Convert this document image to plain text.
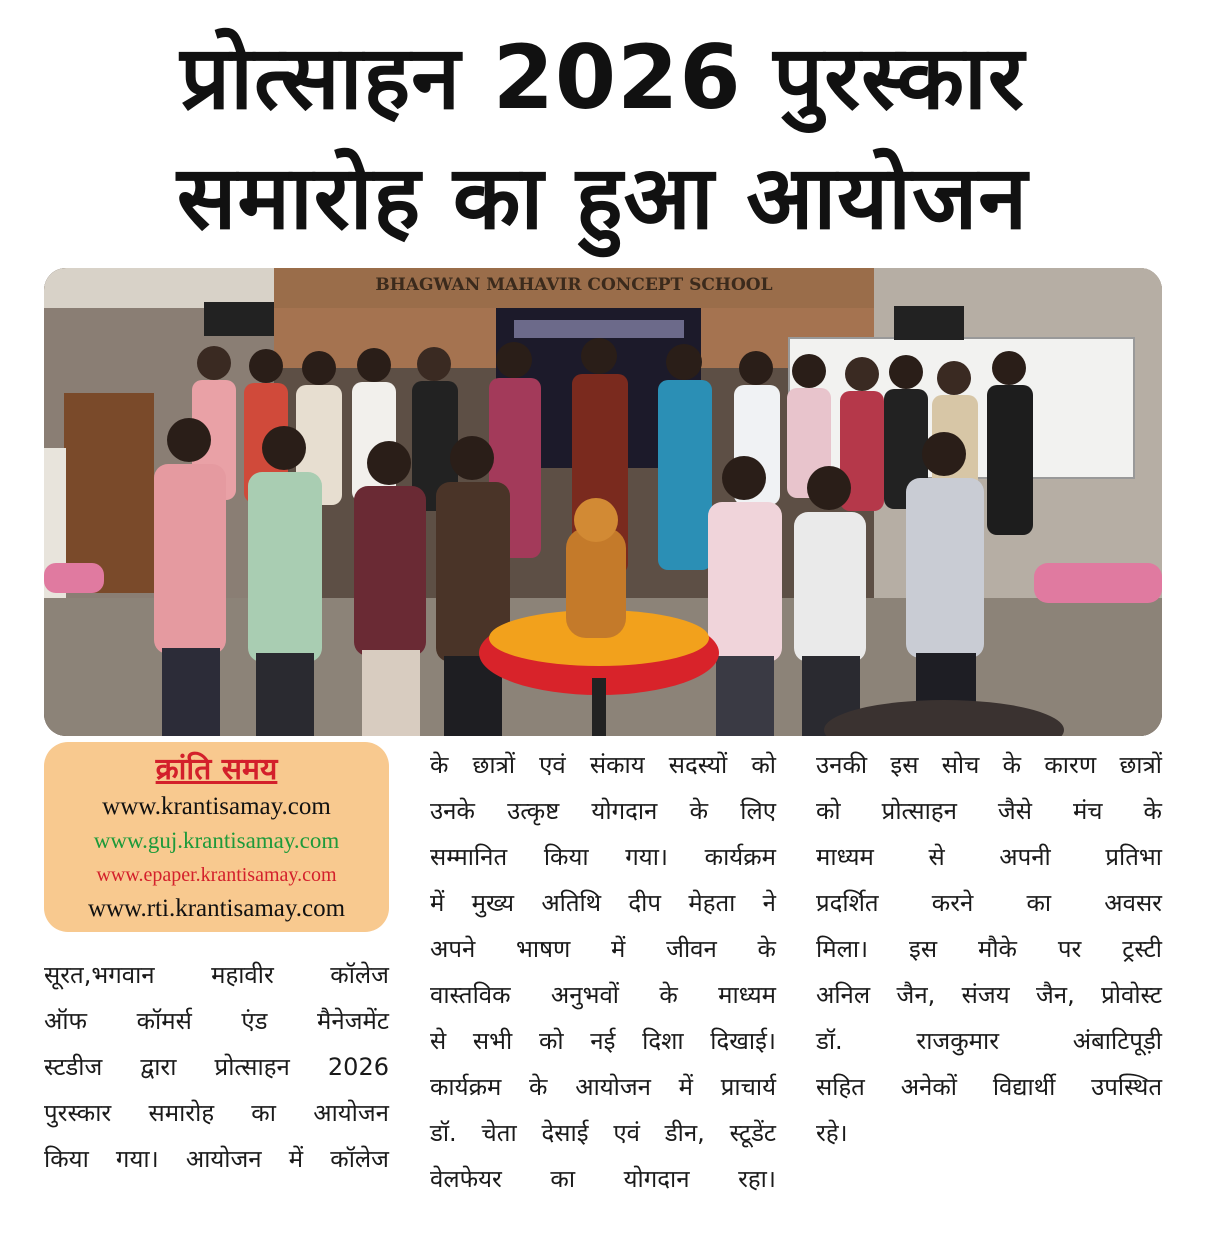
प्रोत्साहन 2026 पुरस्कार
समारोह का हुआ आयोजन
BHAGWAN MAHAVIR CONCEPT SCHOOL
क्रांति समय
www.krantisamay.com
www.guj.krantisamay.com
www.epaper.krantisamay.com
www.rti.krantisamay.com

सूरत,भगवान महावीर कॉलेज

ऑफ कॉमर्स एंड मैनेजमेंट

स्टडीज द्वारा प्रोत्साहन 2026

पुरस्कार समारोह का आयोजन

किया गया। आयोजन में कॉलेज

के छात्रों एवं संकाय सदस्यों को

उनके उत्कृष्ट योगदान के लिए

सम्मानित किया गया। कार्यक्रम

में मुख्य अतिथि दीप मेहता ने

अपने भाषण में जीवन के

वास्तविक अनुभवों के माध्यम

से सभी को नई दिशा दिखाई।

कार्यक्रम के आयोजन में प्राचार्य

डॉ. चेता देसाई एवं डीन, स्टूडेंट

वेलफेयर का योगदान रहा।

उनकी इस सोच के कारण छात्रों

को प्रोत्साहन जैसे मंच के

माध्यम से अपनी प्रतिभा

प्रदर्शित करने का अवसर

मिला। इस मौके पर ट्रस्टी

अनिल जैन, संजय जैन, प्रोवोस्ट

डॉ. राजकुमार अंबाटिपूड़ी

सहित अनेकों विद्यार्थी उपस्थित

रहे।
